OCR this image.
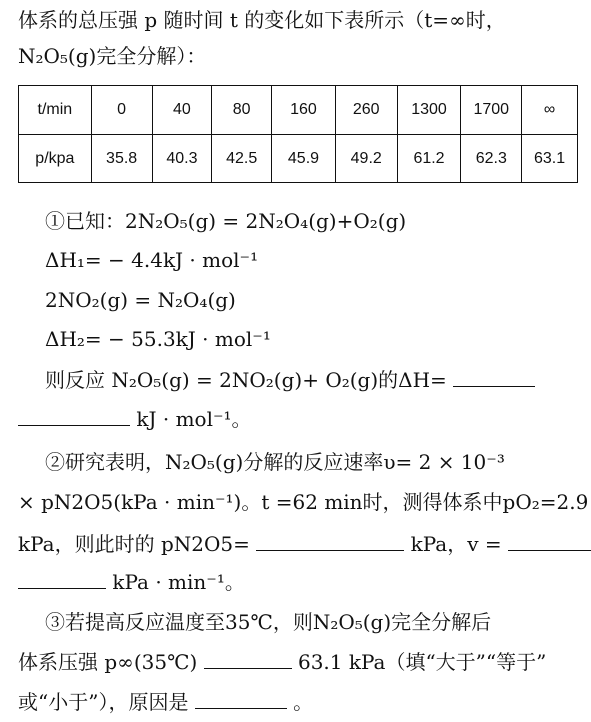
体系的总压强 p 随时间 t 的变化如下表所示（t=∞时，
N₂O₅(g)完全分解）：
t/min	0	40	80	160	260	1300	1700	∞
p/kpa	35.8	40.3	42.5	45.9	49.2	61.2	62.3	63.1
①已知：2N₂O₅(g) = 2N₂O₄(g)+O₂(g)
ΔH₁= − 4.4kJ · mol⁻¹
2NO₂(g) = N₂O₄(g)
ΔH₂= − 55.3kJ · mol⁻¹
则反应 N₂O₅(g) = 2NO₂(g)+ O₂(g)的ΔH=
kJ · mol⁻¹。
②研究表明，N₂O₅(g)分解的反应速率υ= 2 × 10⁻³
× pN2O5(kPa · min⁻¹)。t =62 min时，测得体系中pO₂=2.9
kPa，则此时的 pN2O5=	kPa，v =
kPa · min⁻¹。
③若提高反应温度至35℃，则N₂O₅(g)完全分解后
体系压强 p∞(35℃)	63.1 kPa（填“大于”“等于”
或“小于”），原因是	。
